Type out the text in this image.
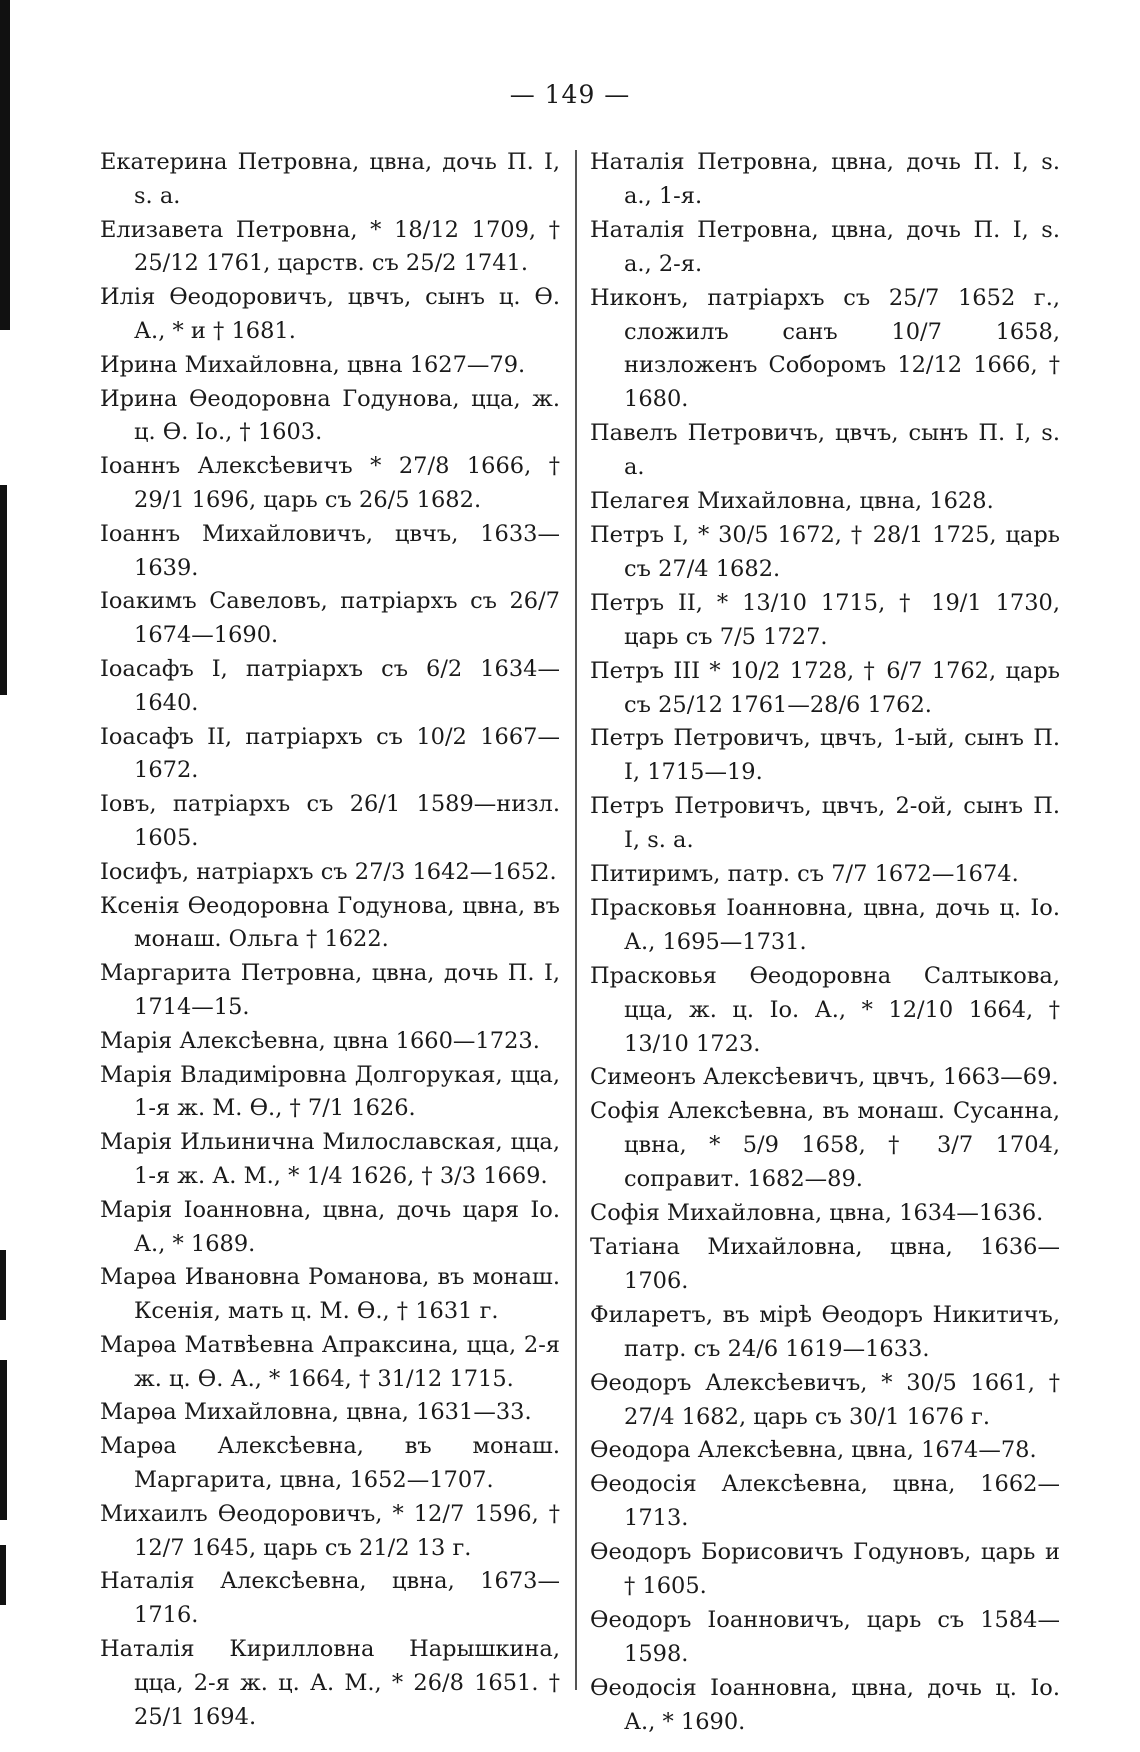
— 149 —
Екатерина Петровна, цвна, дочь П. I, s. a.
Елизавета Петровна, * 18/12 1709, † 25/12 1761, царств. съ 25/2 1741.
Илія Ѳеодоровичъ, цвчъ, сынъ ц. Ѳ. А., * и † 1681.
Ирина Михайловна, цвна 1627—79.
Ирина Ѳеодоровна Годунова, цца, ж. ц. Ѳ. Іо., † 1603.
Іоаннъ Алексѣевичъ * 27/8 1666, † 29/1 1696, царь съ 26/5 1682.
Іоаннъ Михайловичъ, цвчъ, 1633—1639.
Іоакимъ Савеловъ, патріархъ съ 26/7 1674—1690.
Іоасафъ I, патріархъ съ 6/2 1634—1640.
Іоасафъ II, патріархъ съ 10/2 1667—1672.
Іовъ, патріархъ съ 26/1 1589—низл. 1605.
Іосифъ, натріархъ съ 27/3 1642—1652.
Ксенія Ѳеодоровна Годунова, цвна, въ монаш. Ольга † 1622.
Маргарита Петровна, цвна, дочь П. I, 1714—15.
Марія Алексѣевна, цвна 1660—1723.
Марія Владиміровна Долгорукая, цца, 1-я ж. М. Ѳ., † 7/1 1626.
Марія Ильинична Милославская, цца, 1-я ж. А. М., * 1/4 1626, † 3/3 1669.
Марія Іоанновна, цвна, дочь царя Іо. А., * 1689.
Марѳа Ивановна Романова, въ монаш. Ксенія, мать ц. М. Ѳ., † 1631 г.
Марѳа Матвѣевна Апраксина, цца, 2-я ж. ц. Ѳ. А., * 1664, † 31/12 1715.
Марѳа Михайловна, цвна, 1631—33.
Марѳа Алексѣевна, въ монаш. Маргарита, цвна, 1652—1707.
Михаилъ Ѳеодоровичъ, * 12/7 1596, † 12/7 1645, царь съ 21/2 13 г.
Наталія Алексѣевна, цвна, 1673—1716.
Наталія Кирилловна Нарышкина, цца, 2-я ж. ц. А. М., * 26/8 1651. † 25/1 1694.
Наталія Петровна, цвна, дочь П. I, s. a., 1-я.
Наталія Петровна, цвна, дочь П. I, s. a., 2-я.
Никонъ, патріархъ съ 25/7 1652 г., сложилъ санъ 10/7 1658, низложенъ Соборомъ 12/12 1666, † 1680.
Павелъ Петровичъ, цвчъ, сынъ П. I, s. a.
Пелагея Михайловна, цвна, 1628.
Петръ I, * 30/5 1672, † 28/1 1725, царь съ 27/4 1682.
Петръ II, * 13/10 1715, † 19/1 1730, царь съ 7/5 1727.
Петръ III * 10/2 1728, † 6/7 1762, царь съ 25/12 1761—28/6 1762.
Петръ Петровичъ, цвчъ, 1-ый, сынъ П. I, 1715—19.
Петръ Петровичъ, цвчъ, 2-ой, сынъ П. I, s. a.
Питиримъ, патр. съ 7/7 1672—1674.
Прасковья Іоанновна, цвна, дочь ц. Іо. А., 1695—1731.
Прасковья Ѳеодоровна Салтыкова, цца, ж. ц. Іо. А., * 12/10 1664, † 13/10 1723.
Симеонъ Алексѣевичъ, цвчъ, 1663—69.
Софія Алексѣевна, въ монаш. Сусанна, цвна, * 5/9 1658, † 3/7 1704, соправит. 1682—89.
Софія Михайловна, цвна, 1634—1636.
Татіана Михайловна, цвна, 1636—1706.
Филаретъ, въ мірѣ Ѳеодоръ Никитичъ, патр. съ 24/6 1619—1633.
Ѳеодоръ Алексѣевичъ, * 30/5 1661, † 27/4 1682, царь съ 30/1 1676 г.
Ѳеодора Алексѣевна, цвна, 1674—78.
Ѳеодосія Алексѣевна, цвна, 1662—1713.
Ѳеодоръ Борисовичъ Годуновъ, царь и † 1605.
Ѳеодоръ Іоанновичъ, царь съ 1584—1598.
Ѳеодосія Іоанновна, цвна, дочь ц. Іо. А., * 1690.
